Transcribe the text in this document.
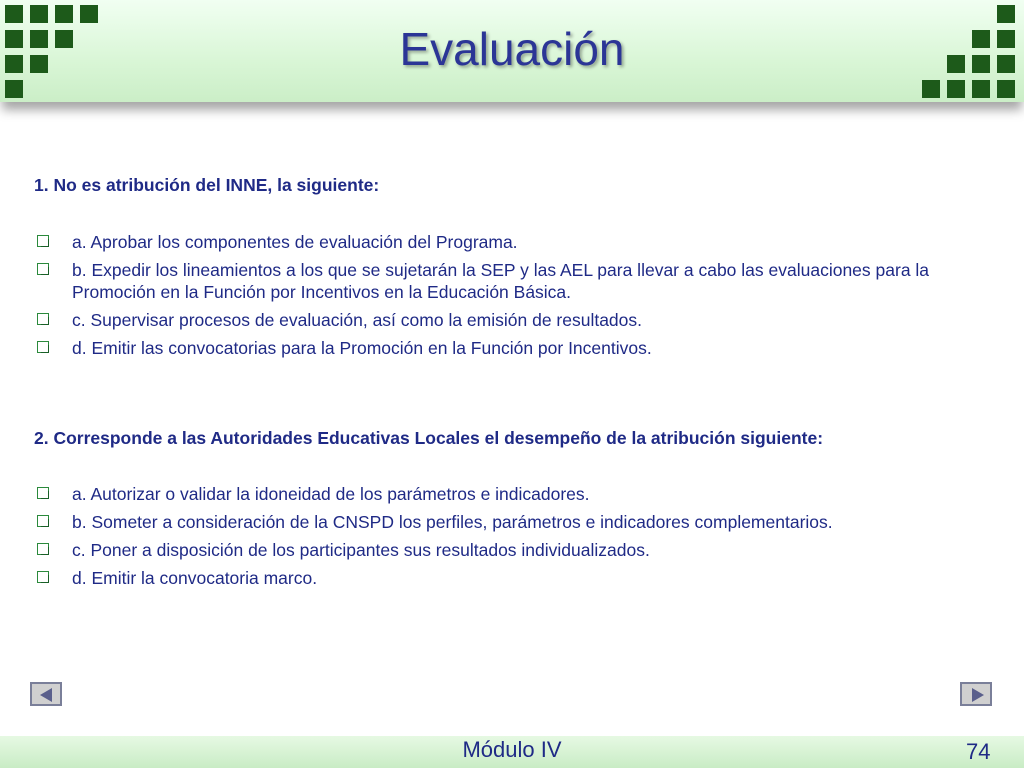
Evaluación

1. No es atribución del INNE, la siguiente:

a. Aprobar los componentes de evaluación del Programa.
b. Expedir los lineamientos a los que se sujetarán la SEP y las AEL para llevar a cabo las evaluaciones para la Promoción en la Función por Incentivos en la Educación Básica.
c. Supervisar procesos de evaluación, así como la emisión de resultados.
d. Emitir las convocatorias para la Promoción en la Función por Incentivos.

2. Corresponde a las Autoridades Educativas Locales el desempeño de la atribución siguiente:

a. Autorizar o validar la idoneidad de los parámetros e indicadores.
b. Someter a consideración de la CNSPD los perfiles, parámetros e indicadores complementarios.
c. Poner a disposición de los participantes sus resultados individualizados.
d. Emitir la convocatoria marco.
Módulo IV	74
